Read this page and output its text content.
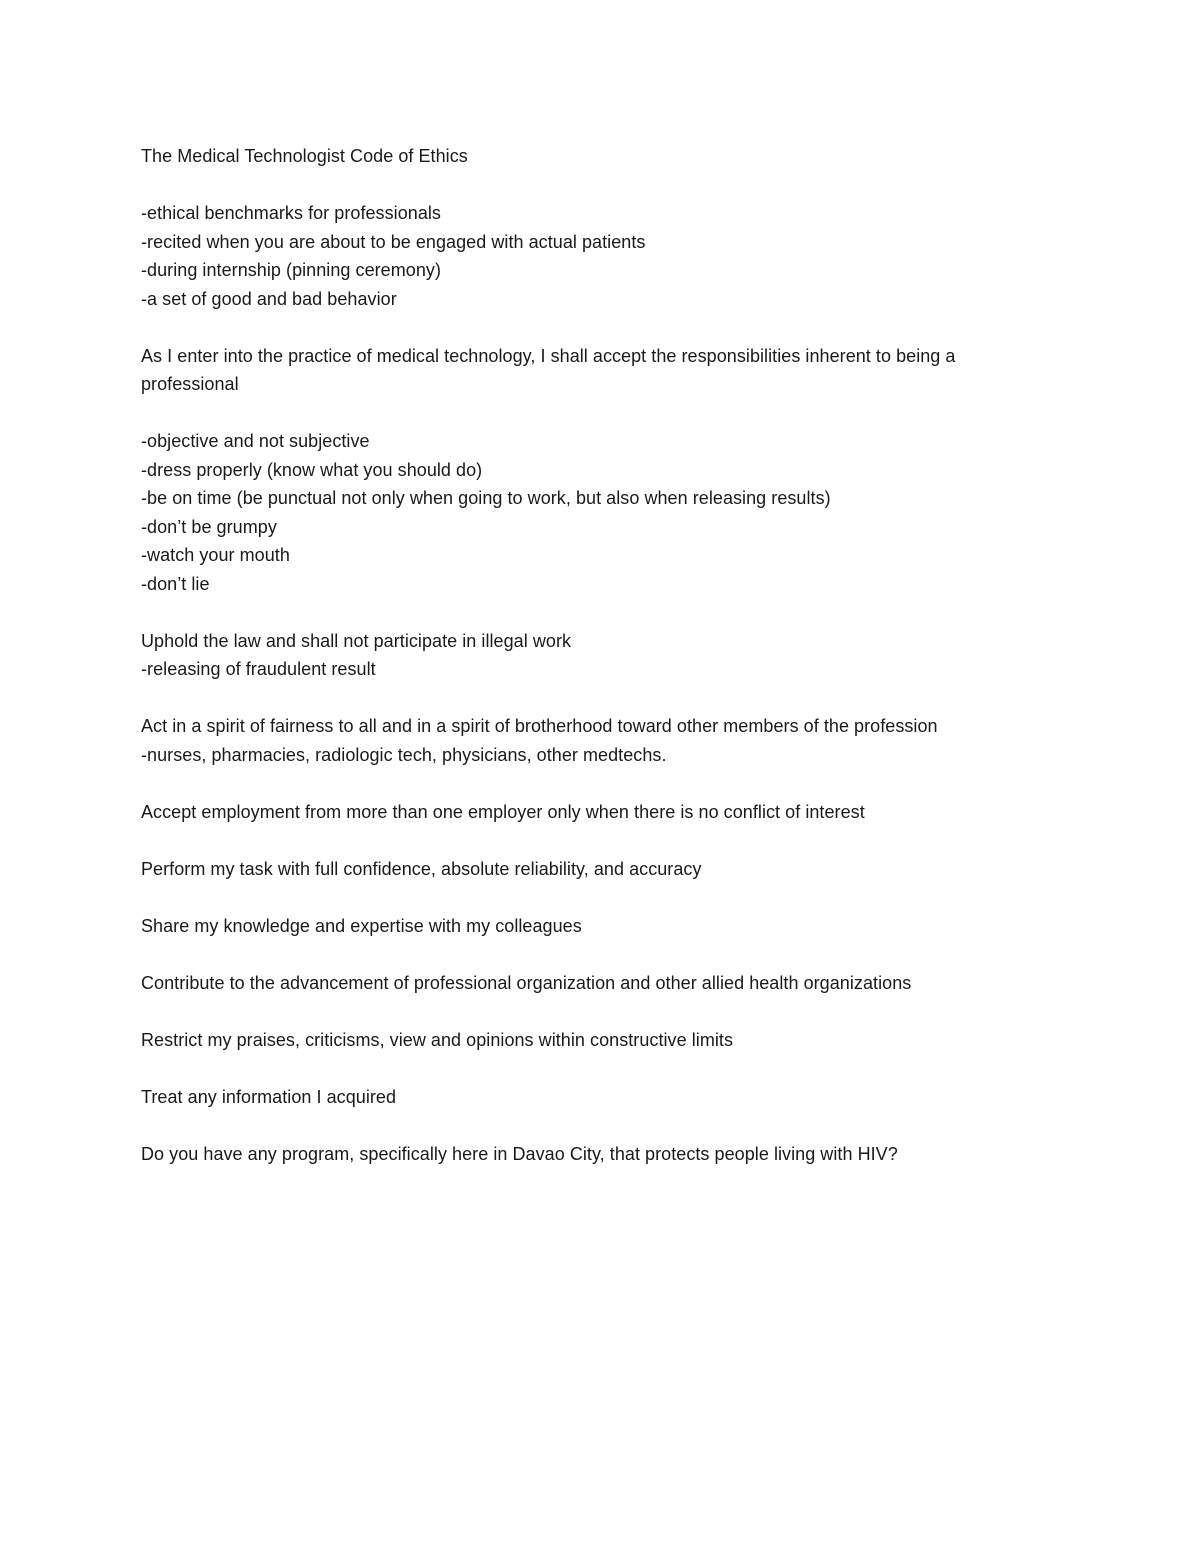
The Medical Technologist Code of Ethics
-ethical benchmarks for professionals
-recited when you are about to be engaged with actual patients
-during internship (pinning ceremony)
-a set of good and bad behavior
As I enter into the practice of medical technology, I shall accept the responsibilities inherent to being a
professional
-objective and not subjective
-dress properly (know what you should do)
-be on time (be punctual not only when going to work, but also when releasing results)
-don’t be grumpy
-watch your mouth
-don’t lie
Uphold the law and shall not participate in illegal work
-releasing of fraudulent result
Act in a spirit of fairness to all and in a spirit of brotherhood toward other members of the profession
-nurses, pharmacies, radiologic tech, physicians, other medtechs.
Accept employment from more than one employer only when there is no conflict of interest
Perform my task with full confidence, absolute reliability, and accuracy
Share my knowledge and expertise with my colleagues
Contribute to the advancement of professional organization and other allied health organizations
Restrict my praises, criticisms, view and opinions within constructive limits
Treat any information I acquired
Do you have any program, specifically here in Davao City, that protects people living with HIV?
